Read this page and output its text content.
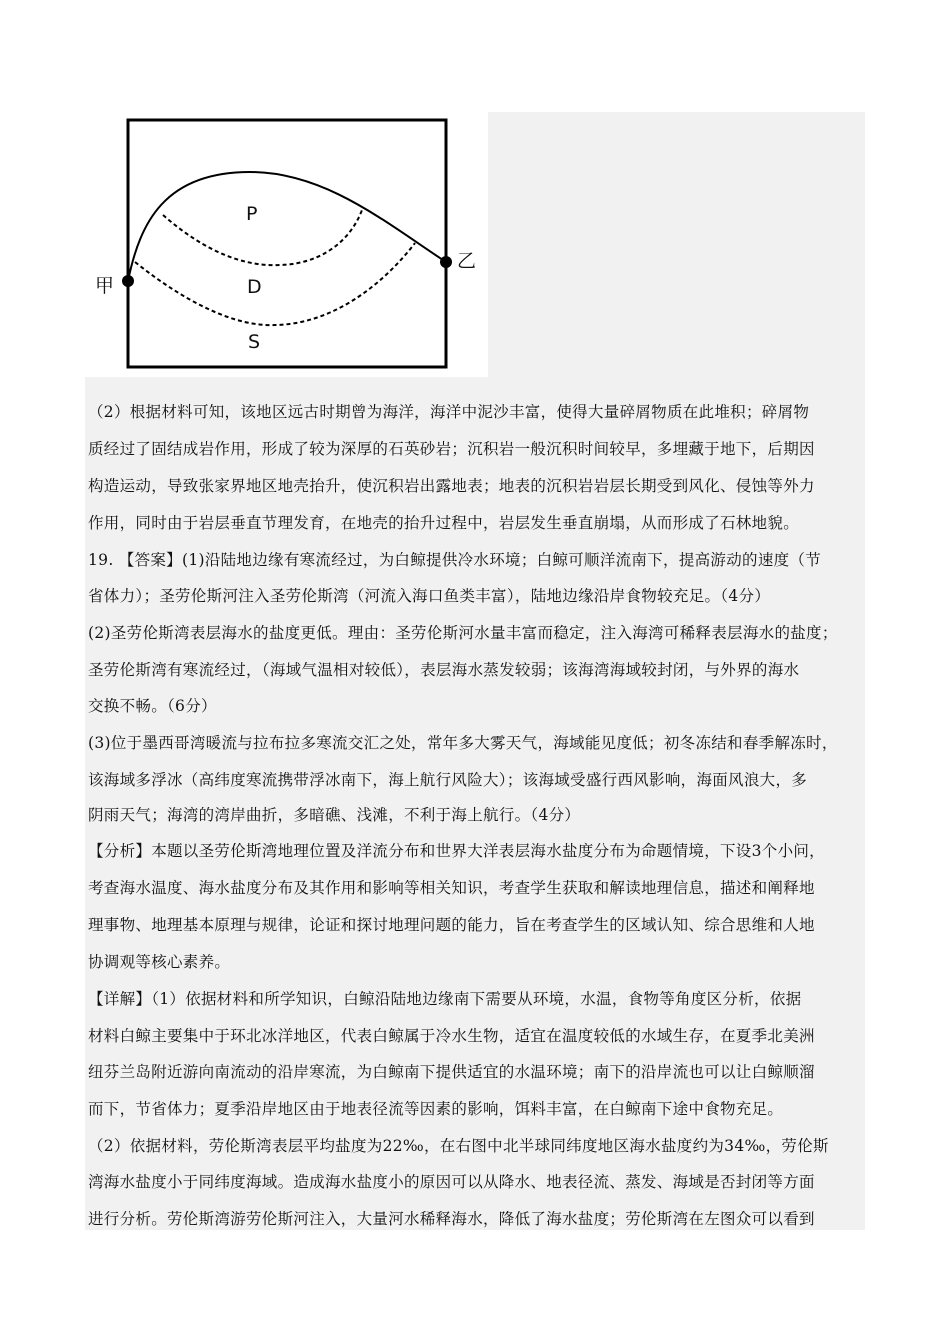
P
D
S
甲
乙
（2）根据材料可知，该地区远古时期曾为海洋，海洋中泥沙丰富，使得大量碎屑物质在此堆积；碎屑物
质经过了固结成岩作用，形成了较为深厚的石英砂岩；沉积岩一般沉积时间较早，多埋藏于地下，后期因
构造运动，导致张家界地区地壳抬升，使沉积岩出露地表；地表的沉积岩岩层长期受到风化、侵蚀等外力
作用，同时由于岩层垂直节理发育，在地壳的抬升过程中，岩层发生垂直崩塌，从而形成了石林地貌。
19. 【答案】(1)沿陆地边缘有寒流经过，为白鲸提供冷水环境；白鲸可顺洋流南下，提高游动的速度（节
省体力）；圣劳伦斯河注入圣劳伦斯湾（河流入海口鱼类丰富），陆地边缘沿岸食物较充足。（4分）
(2)圣劳伦斯湾表层海水的盐度更低。理由：圣劳伦斯河水量丰富而稳定，注入海湾可稀释表层海水的盐度；
圣劳伦斯湾有寒流经过，（海域气温相对较低），表层海水蒸发较弱；该海湾海域较封闭，与外界的海水
交换不畅。（6分）
(3)位于墨西哥湾暖流与拉布拉多寒流交汇之处，常年多大雾天气，海域能见度低；初冬冻结和春季解冻时，
该海域多浮冰（高纬度寒流携带浮冰南下，海上航行风险大）；该海域受盛行西风影响，海面风浪大，多
阴雨天气；海湾的湾岸曲折，多暗礁、浅滩，不利于海上航行。（4分）
【分析】本题以圣劳伦斯湾地理位置及洋流分布和世界大洋表层海水盐度分布为命题情境，下设3个小问，
考查海水温度、海水盐度分布及其作用和影响等相关知识，考查学生获取和解读地理信息，描述和阐释地
理事物、地理基本原理与规律，论证和探讨地理问题的能力，旨在考查学生的区域认知、综合思维和人地
协调观等核心素养。
【详解】（1）依据材料和所学知识，白鲸沿陆地边缘南下需要从环境，水温，食物等角度区分析，依据
材料白鲸主要集中于环北冰洋地区，代表白鲸属于冷水生物，适宜在温度较低的水域生存，在夏季北美洲
纽芬兰岛附近游向南流动的沿岸寒流，为白鲸南下提供适宜的水温环境；南下的沿岸流也可以让白鲸顺溜
而下，节省体力；夏季沿岸地区由于地表径流等因素的影响，饵料丰富，在白鲸南下途中食物充足。
（2）依据材料，劳伦斯湾表层平均盐度为22‰，在右图中北半球同纬度地区海水盐度约为34‰，劳伦斯
湾海水盐度小于同纬度海域。造成海水盐度小的原因可以从降水、地表径流、蒸发、海域是否封闭等方面
进行分析。劳伦斯湾游劳伦斯河注入，大量河水稀释海水，降低了海水盐度；劳伦斯湾在左图众可以看到
